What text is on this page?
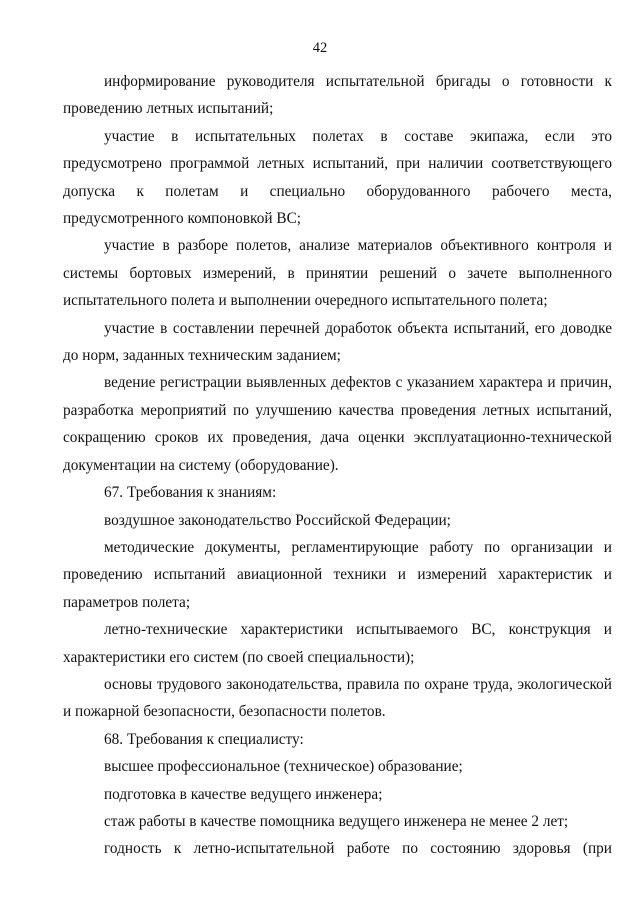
42

информирование руководителя испытательной бригады о готовности к проведению летных испытаний;

участие в испытательных полетах в составе экипажа, если это предусмотрено программой летных испытаний, при наличии соответствующего допуска к полетам и специально оборудованного рабочего места, предусмотренного компоновкой ВС;

участие в разборе полетов, анализе материалов объективного контроля и системы бортовых измерений, в принятии решений о зачете выполненного испытательного полета и выполнении очередного испытательного полета;

участие в составлении перечней доработок объекта испытаний, его доводке до норм, заданных техническим заданием;

ведение регистрации выявленных дефектов с указанием характера и причин, разработка мероприятий по улучшению качества проведения летных испытаний, сокращению сроков их проведения, дача оценки эксплуатационно-технической документации на систему (оборудование).

67. Требования к знаниям:

воздушное законодательство Российской Федерации;

методические документы, регламентирующие работу по организации и проведению испытаний авиационной техники и измерений характеристик и параметров полета;

летно-технические характеристики испытываемого ВС, конструкция и характеристики его систем (по своей специальности);

основы трудового законодательства, правила по охране труда, экологической и пожарной безопасности, безопасности полетов.

68. Требования к специалисту:

высшее профессиональное (техническое) образование;

подготовка в качестве ведущего инженера;

стаж работы в качестве помощника ведущего инженера не менее 2 лет;

годность к летно-испытательной работе по состоянию здоровья (при
